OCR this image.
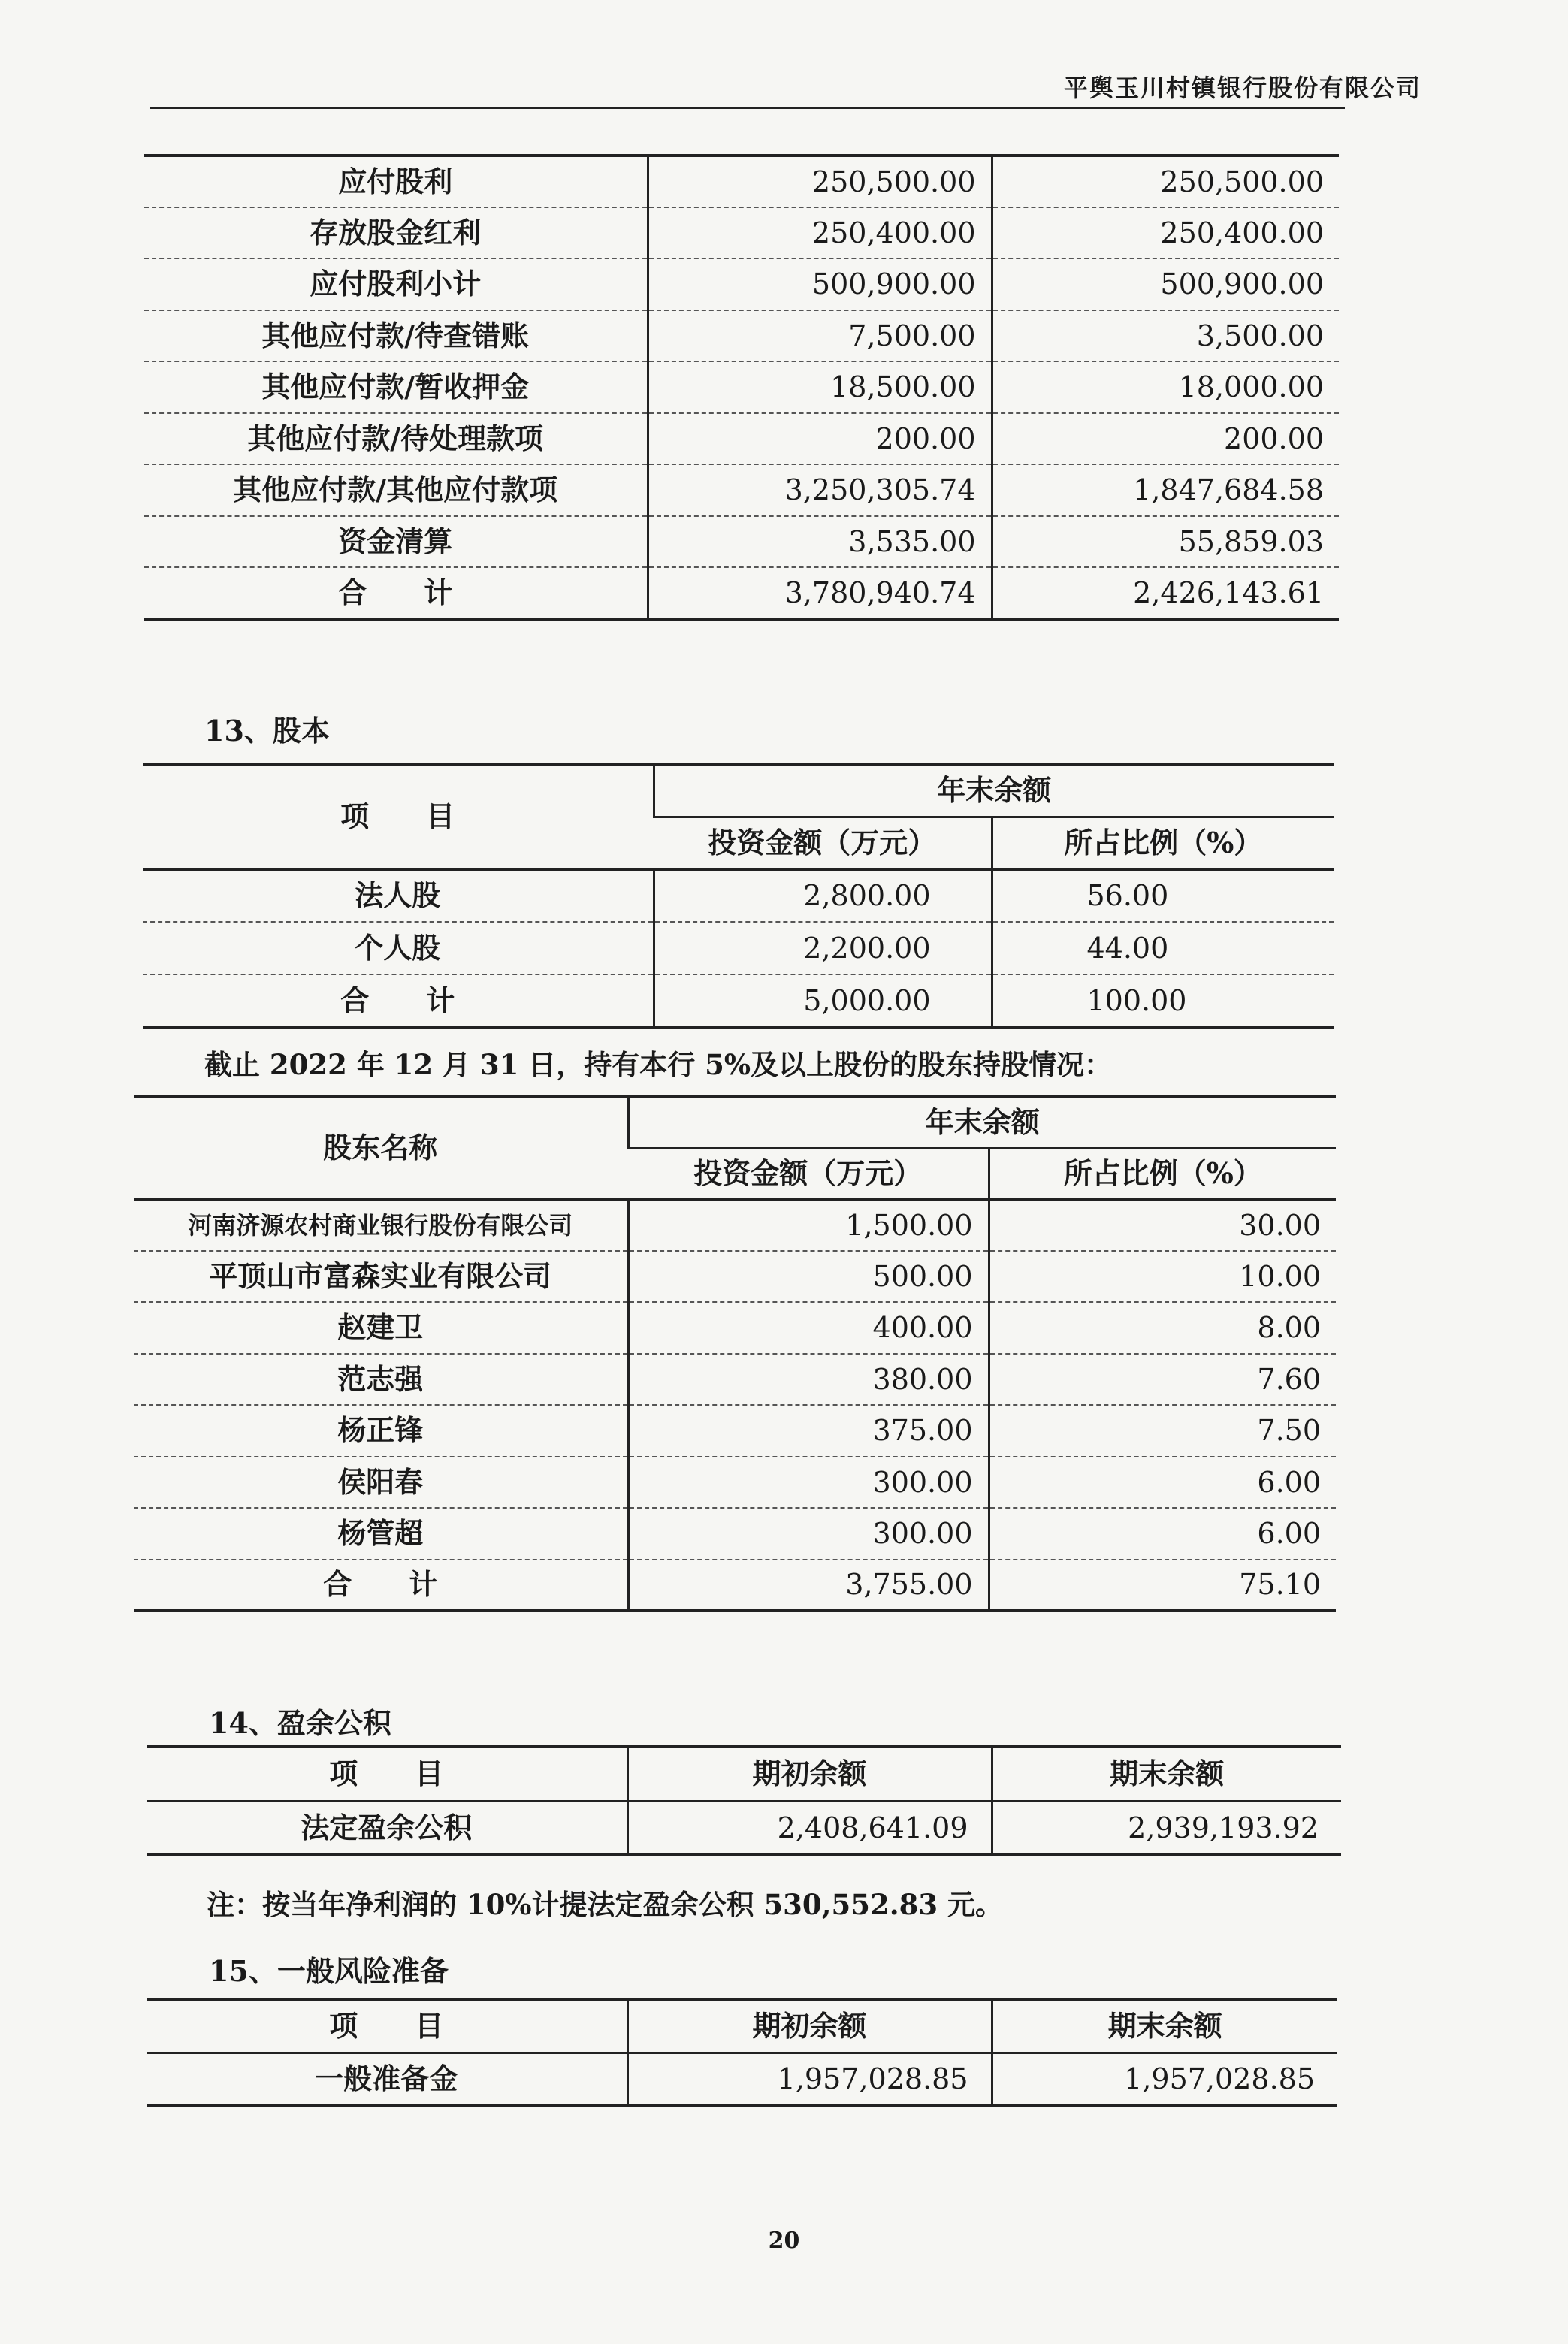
平舆玉川村镇银行股份有限公司
应付股利	250,500.00	250,500.00
存放股金红利	250,400.00	250,400.00
应付股利小计	500,900.00	500,900.00
其他应付款/待查错账	7,500.00	3,500.00
其他应付款/暂收押金	18,500.00	18,000.00
其他应付款/待处理款项	200.00	200.00
其他应付款/其他应付款项	3,250,305.74	1,847,684.58
资金清算	3,535.00	55,859.03
合　　计	3,780,940.74	2,426,143.61
13、股本
项　　目	年末余额	
	投资金额（万元）	所占比例（%）
法人股	2,800.00	56.00
个人股	2,200.00	44.00
合　　计	5,000.00	100.00
截止 2022 年 12 月 31 日，持有本行 5%及以上股份的股东持股情况：
股东名称	年末余额	
	投资金额（万元）	所占比例（%）
河南济源农村商业银行股份有限公司	1,500.00	30.00
平顶山市富森实业有限公司	500.00	10.00
赵建卫	400.00	8.00
范志强	380.00	7.60
杨正锋	375.00	7.50
侯阳春	300.00	6.00
杨管超	300.00	6.00
合　　计	3,755.00	75.10
14、盈余公积
项　　目	期初余额	期末余额
法定盈余公积	2,408,641.09	2,939,193.92
注：按当年净利润的 10%计提法定盈余公积 530,552.83 元。
15、一般风险准备
项　　目	期初余额	期末余额
一般准备金	1,957,028.85	1,957,028.85
20
